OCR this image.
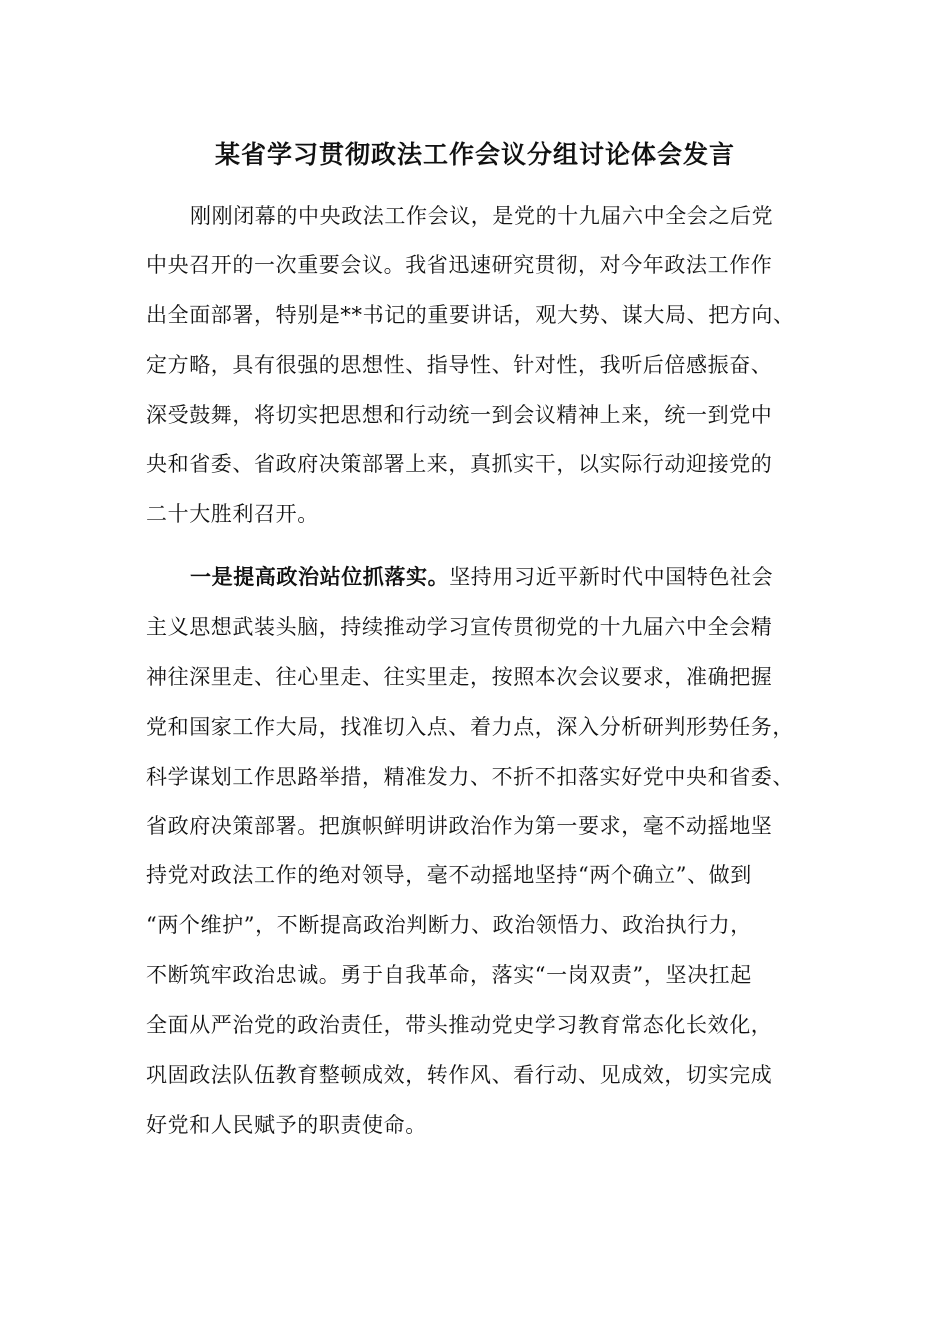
某省学习贯彻政法工作会议分组讨论体会发言
刚刚闭幕的中央政法工作会议，是党的十九届六中全会之后党
中央召开的一次重要会议。我省迅速研究贯彻，对今年政法工作作
出全面部署，特别是**书记的重要讲话，观大势、谋大局、把方向、
定方略，具有很强的思想性、指导性、针对性，我听后倍感振奋、
深受鼓舞，将切实把思想和行动统一到会议精神上来，统一到党中
央和省委、省政府决策部署上来，真抓实干，以实际行动迎接党的
二十大胜利召开。
一是提高政治站位抓落实。坚持用习近平新时代中国特色社会
主义思想武装头脑，持续推动学习宣传贯彻党的十九届六中全会精
神往深里走、往心里走、往实里走，按照本次会议要求，准确把握
党和国家工作大局，找准切入点、着力点，深入分析研判形势任务，
科学谋划工作思路举措，精准发力、不折不扣落实好党中央和省委、
省政府决策部署。把旗帜鲜明讲政治作为第一要求，毫不动摇地坚
持党对政法工作的绝对领导，毫不动摇地坚持“两个确立”、做到
“两个维护”，不断提高政治判断力、政治领悟力、政治执行力，
不断筑牢政治忠诚。勇于自我革命，落实“一岗双责”，坚决扛起
全面从严治党的政治责任，带头推动党史学习教育常态化长效化，
巩固政法队伍教育整顿成效，转作风、看行动、见成效，切实完成
好党和人民赋予的职责使命。
